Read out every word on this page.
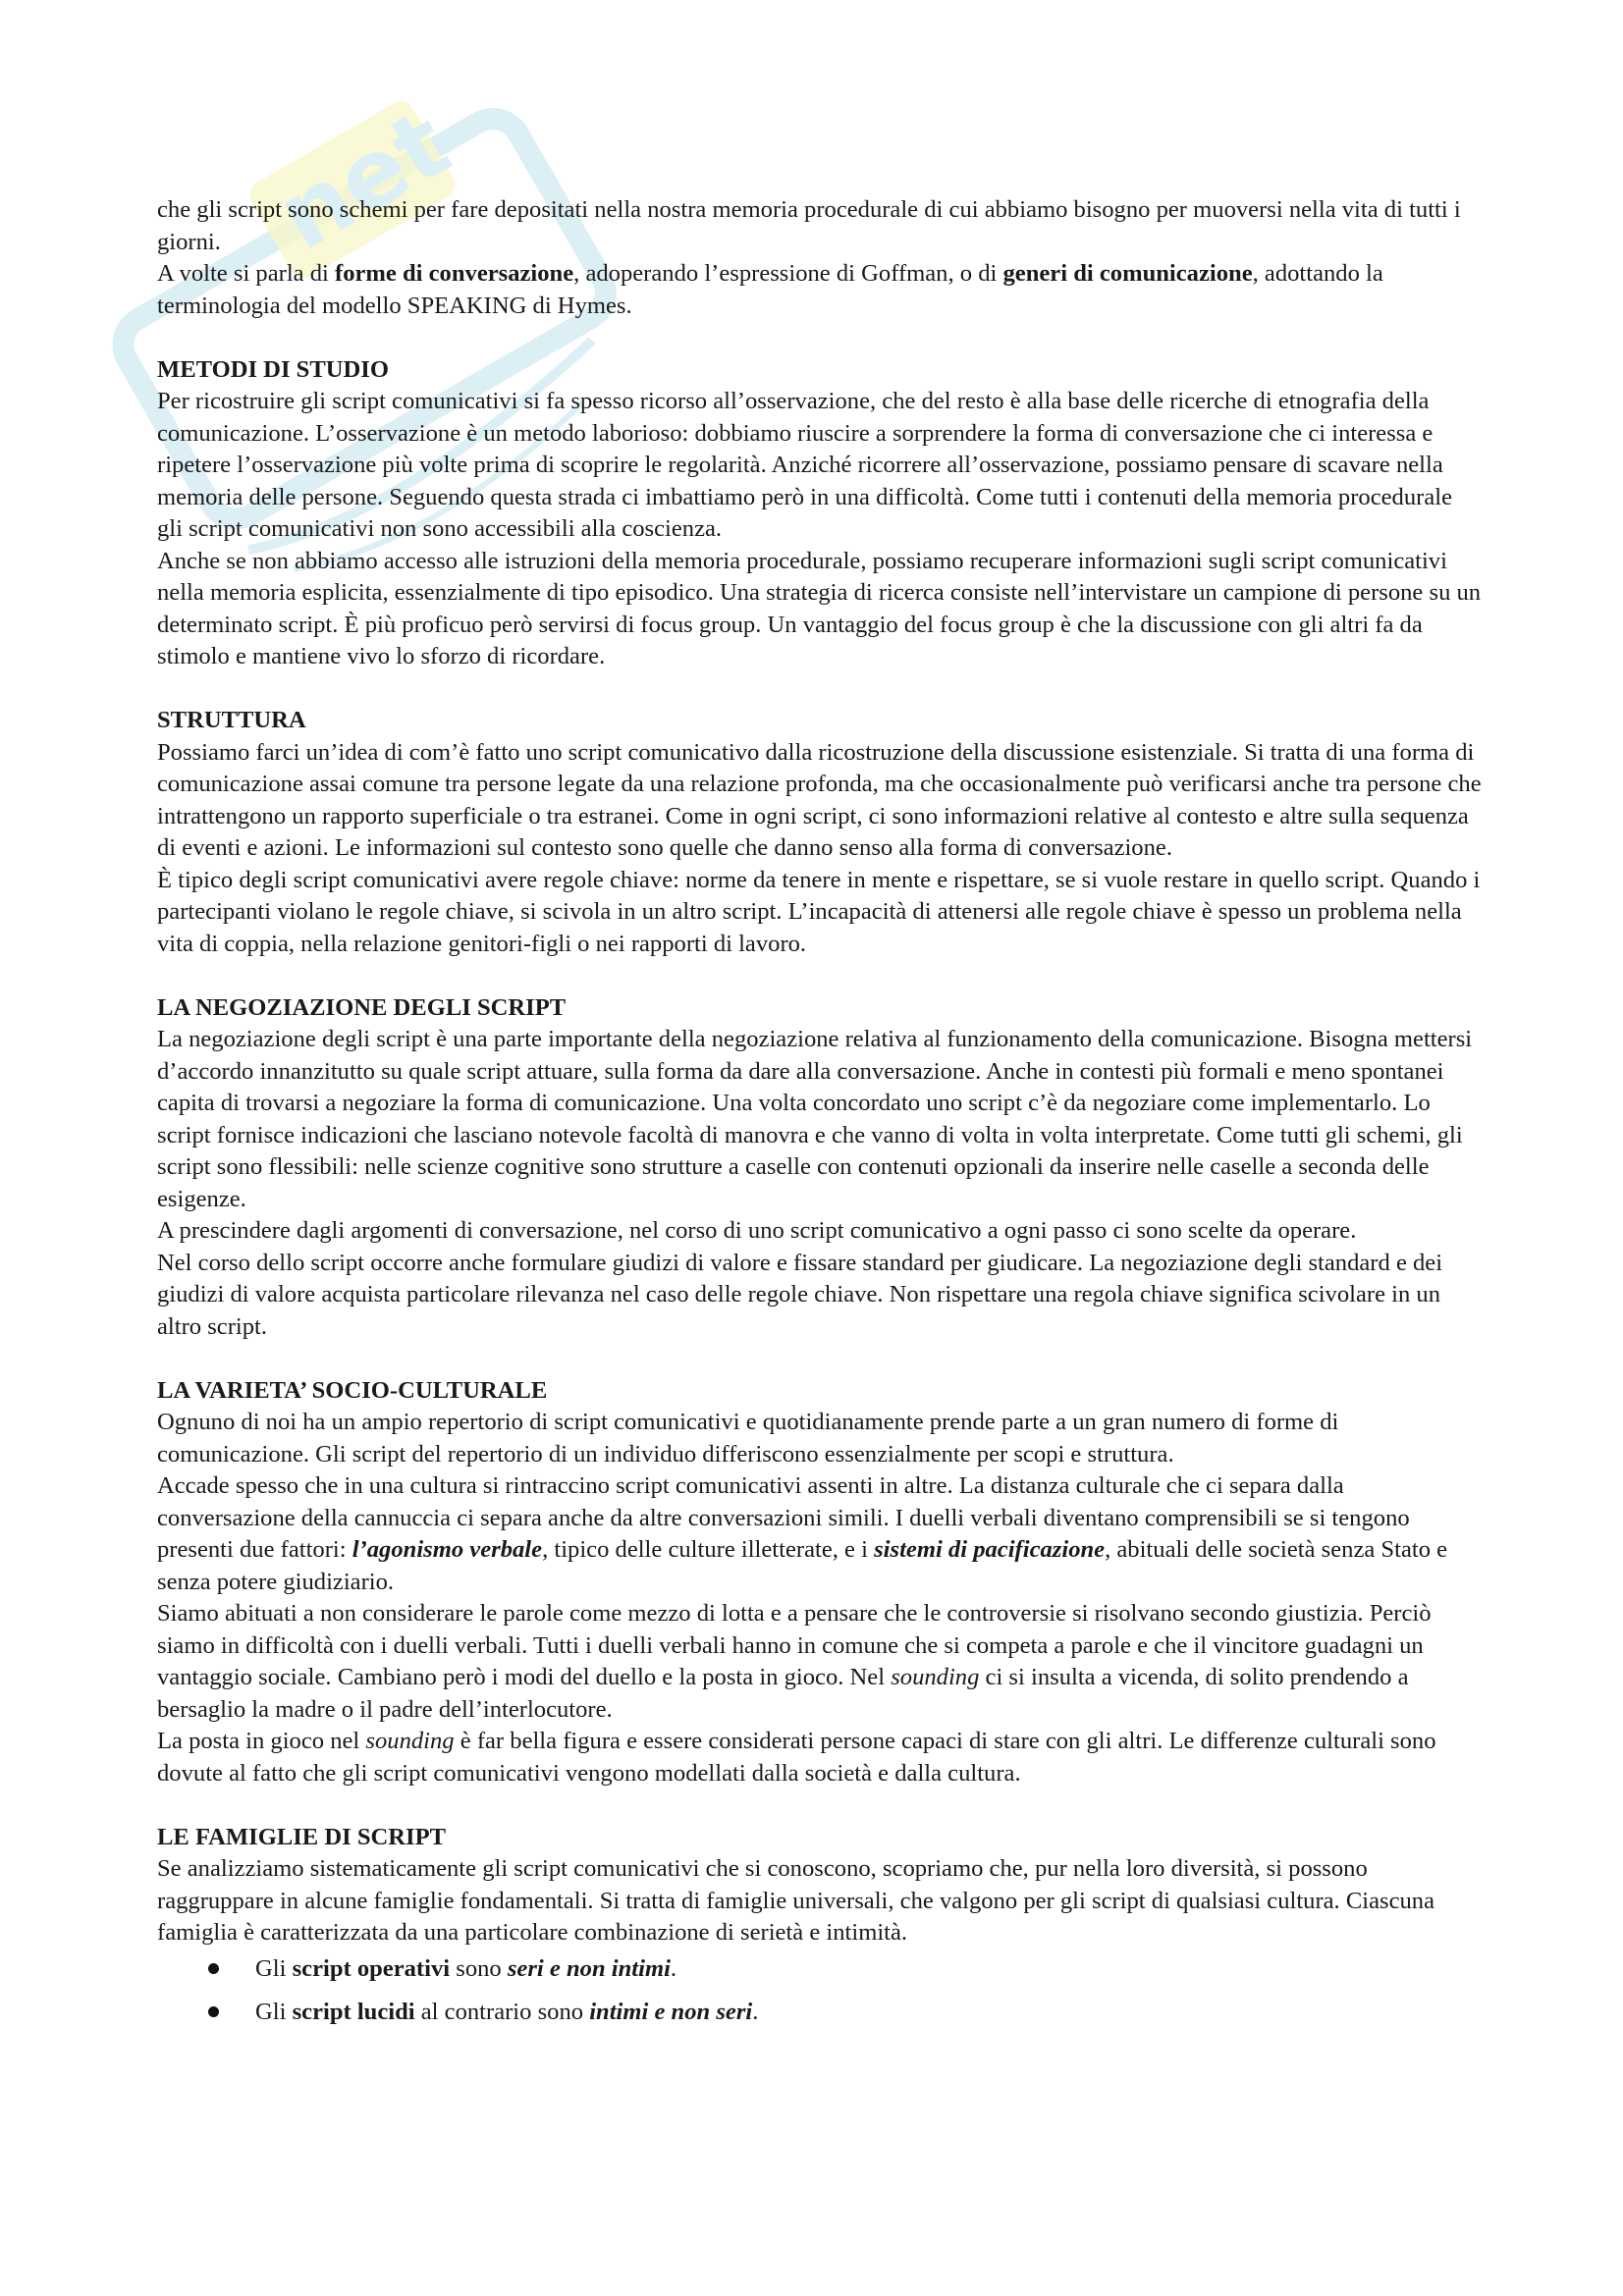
net

che gli script sono schemi per fare depositati nella nostra memoria procedurale di cui abbiamo bisogno per muoversi nella vita di tutti i giorni.

A volte si parla di forme di conversazione, adoperando l’espressione di Goffman, o di generi di comunicazione, adottando la terminologia del modello SPEAKING di Hymes.

METODI DI STUDIO

Per ricostruire gli script comunicativi si fa spesso ricorso all’osservazione, che del resto è alla base delle ricerche di etnografia della comunicazione. L’osservazione è un metodo laborioso: dobbiamo riuscire a sorprendere la forma di conversazione che ci interessa e ripetere l’osservazione più volte prima di scoprire le regolarità. Anziché ricorrere all’osservazione, possiamo pensare di scavare nella memoria delle persone. Seguendo questa strada ci imbattiamo però in una difficoltà. Come tutti i contenuti della memoria procedurale gli script comunicativi non sono accessibili alla coscienza.

Anche se non abbiamo accesso alle istruzioni della memoria procedurale, possiamo recuperare informazioni sugli script comunicativi nella memoria esplicita, essenzialmente di tipo episodico. Una strategia di ricerca consiste nell’intervistare un campione di persone su un determinato script. È più proficuo però servirsi di focus group. Un vantaggio del focus group è che la discussione con gli altri fa da stimolo e mantiene vivo lo sforzo di ricordare.

STRUTTURA

Possiamo farci un’idea di com’è fatto uno script comunicativo dalla ricostruzione della discussione esistenziale. Si tratta di una forma di comunicazione assai comune tra persone legate da una relazione profonda, ma che occasionalmente può verificarsi anche tra persone che intrattengono un rapporto superficiale o tra estranei. Come in ogni script, ci sono informazioni relative al contesto e altre sulla sequenza di eventi e azioni. Le informazioni sul contesto sono quelle che danno senso alla forma di conversazione.

È tipico degli script comunicativi avere regole chiave: norme da tenere in mente e rispettare, se si vuole restare in quello script. Quando i partecipanti violano le regole chiave, si scivola in un altro script. L’incapacità di attenersi alle regole chiave è spesso un problema nella vita di coppia, nella relazione genitori-figli o nei rapporti di lavoro.

LA NEGOZIAZIONE DEGLI SCRIPT

La negoziazione degli script è una parte importante della negoziazione relativa al funzionamento della comunicazione. Bisogna mettersi d’accordo innanzitutto su quale script attuare, sulla forma da dare alla conversazione. Anche in contesti più formali e meno spontanei capita di trovarsi a negoziare la forma di comunicazione. Una volta concordato uno script c’è da negoziare come implementarlo. Lo script fornisce indicazioni che lasciano notevole facoltà di manovra e che vanno di volta in volta interpretate. Come tutti gli schemi, gli script sono flessibili: nelle scienze cognitive sono strutture a caselle con contenuti opzionali da inserire nelle caselle a seconda delle esigenze.

A prescindere dagli argomenti di conversazione, nel corso di uno script comunicativo a ogni passo ci sono scelte da operare.

Nel corso dello script occorre anche formulare giudizi di valore e fissare standard per giudicare. La negoziazione degli standard e dei giudizi di valore acquista particolare rilevanza nel caso delle regole chiave. Non rispettare una regola chiave significa scivolare in un altro script.

LA VARIETA’ SOCIO-CULTURALE

Ognuno di noi ha un ampio repertorio di script comunicativi e quotidianamente prende parte a un gran numero di forme di comunicazione. Gli script del repertorio di un individuo differiscono essenzialmente per scopi e struttura.

Accade spesso che in una cultura si rintraccino script comunicativi assenti in altre. La distanza culturale che ci separa dalla conversazione della cannuccia ci separa anche da altre conversazioni simili. I duelli verbali diventano comprensibili se si tengono presenti due fattori: l’agonismo verbale, tipico delle culture illetterate, e i sistemi di pacificazione, abituali delle società senza Stato e senza potere giudiziario.

Siamo abituati a non considerare le parole come mezzo di lotta e a pensare che le controversie si risolvano secondo giustizia. Perciò siamo in difficoltà con i duelli verbali. Tutti i duelli verbali hanno in comune che si competa a parole e che il vincitore guadagni un vantaggio sociale. Cambiano però i modi del duello e la posta in gioco. Nel sounding ci si insulta a vicenda, di solito prendendo a bersaglio la madre o il padre dell’interlocutore.

La posta in gioco nel sounding è far bella figura e essere considerati persone capaci di stare con gli altri. Le differenze culturali sono dovute al fatto che gli script comunicativi vengono modellati dalla società e dalla cultura.

LE FAMIGLIE DI SCRIPT

Se analizziamo sistematicamente gli script comunicativi che si conoscono, scopriamo che, pur nella loro diversità, si possono raggruppare in alcune famiglie fondamentali. Si tratta di famiglie universali, che valgono per gli script di qualsiasi cultura. Ciascuna famiglia è caratterizzata da una particolare combinazione di serietà e intimità.

Gli script operativi sono seri e non intimi.
Gli script lucidi al contrario sono intimi e non seri.
